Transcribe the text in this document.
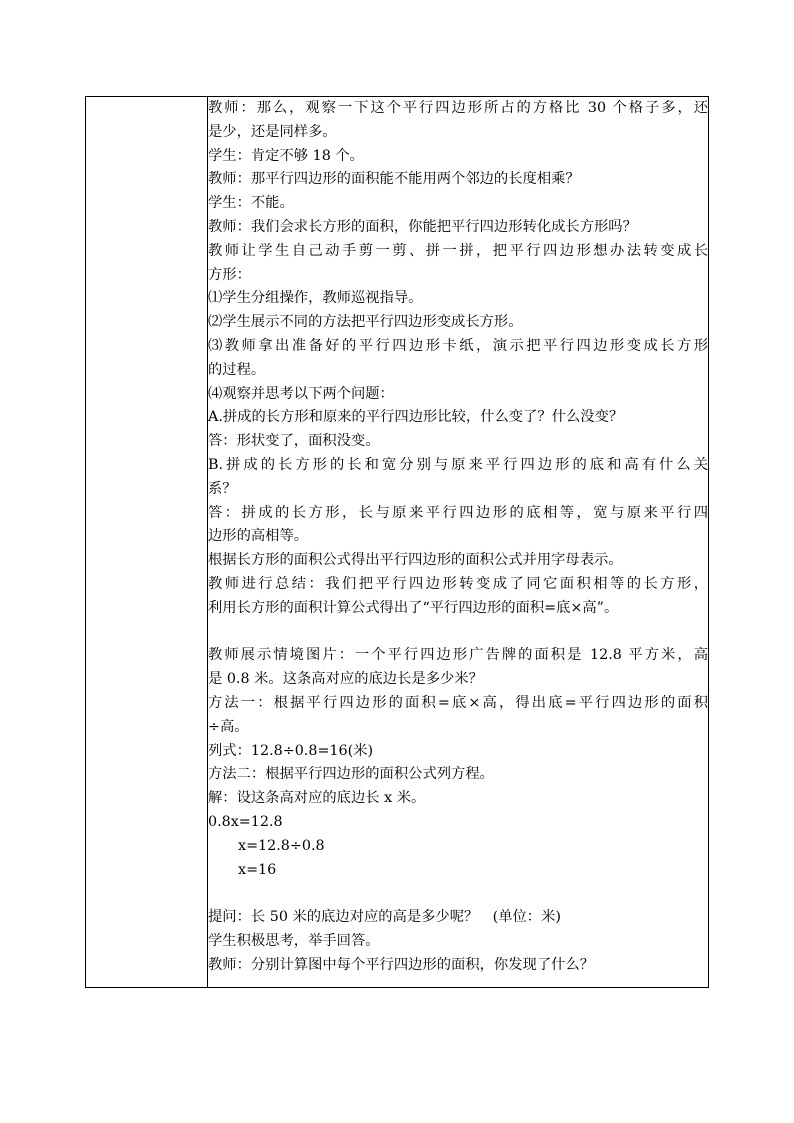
教师：那么，观察一下这个平行四边形所占的方格比 30 个格子多，还
是少，还是同样多。
学生：肯定不够 18 个。
教师：那平行四边形的面积能不能用两个邻边的长度相乘？
学生：不能。
教师：我们会求长方形的面积，你能把平行四边形转化成长方形吗？
教师让学生自己动手剪一剪、拼一拼，把平行四边形想办法转变成长
方形：
⑴学生分组操作，教师巡视指导。
⑵学生展示不同的方法把平行四边形变成长方形。
⑶教师拿出准备好的平行四边形卡纸，演示把平行四边形变成长方形
的过程。
⑷观察并思考以下两个问题：
A.拼成的长方形和原来的平行四边形比较，什么变了？什么没变？
答：形状变了，面积没变。
B.拼成的长方形的长和宽分别与原来平行四边形的底和高有什么关
系？
答：拼成的长方形，长与原来平行四边形的底相等，宽与原来平行四
边形的高相等。
根据长方形的面积公式得出平行四边形的面积公式并用字母表示。
教师进行总结：我们把平行四边形转变成了同它面积相等的长方形，
利用长方形的面积计算公式得出了“平行四边形的面积=底×高”。
教师展示情境图片：一个平行四边形广告牌的面积是 12.8 平方米，高
是 0.8 米。这条高对应的底边长是多少米？
方法一：根据平行四边形的面积=底×高，得出底=平行四边形的面积
÷高。
列式：12.8÷0.8=16(米)
方法二：根据平行四边形的面积公式列方程。
解：设这条高对应的底边长 x 米。
0.8x=12.8
x=12.8÷0.8
x=16
提问：长 50 米的底边对应的高是多少呢？　(单位：米)
学生积极思考，举手回答。
教师：分别计算图中每个平行四边形的面积，你发现了什么？
